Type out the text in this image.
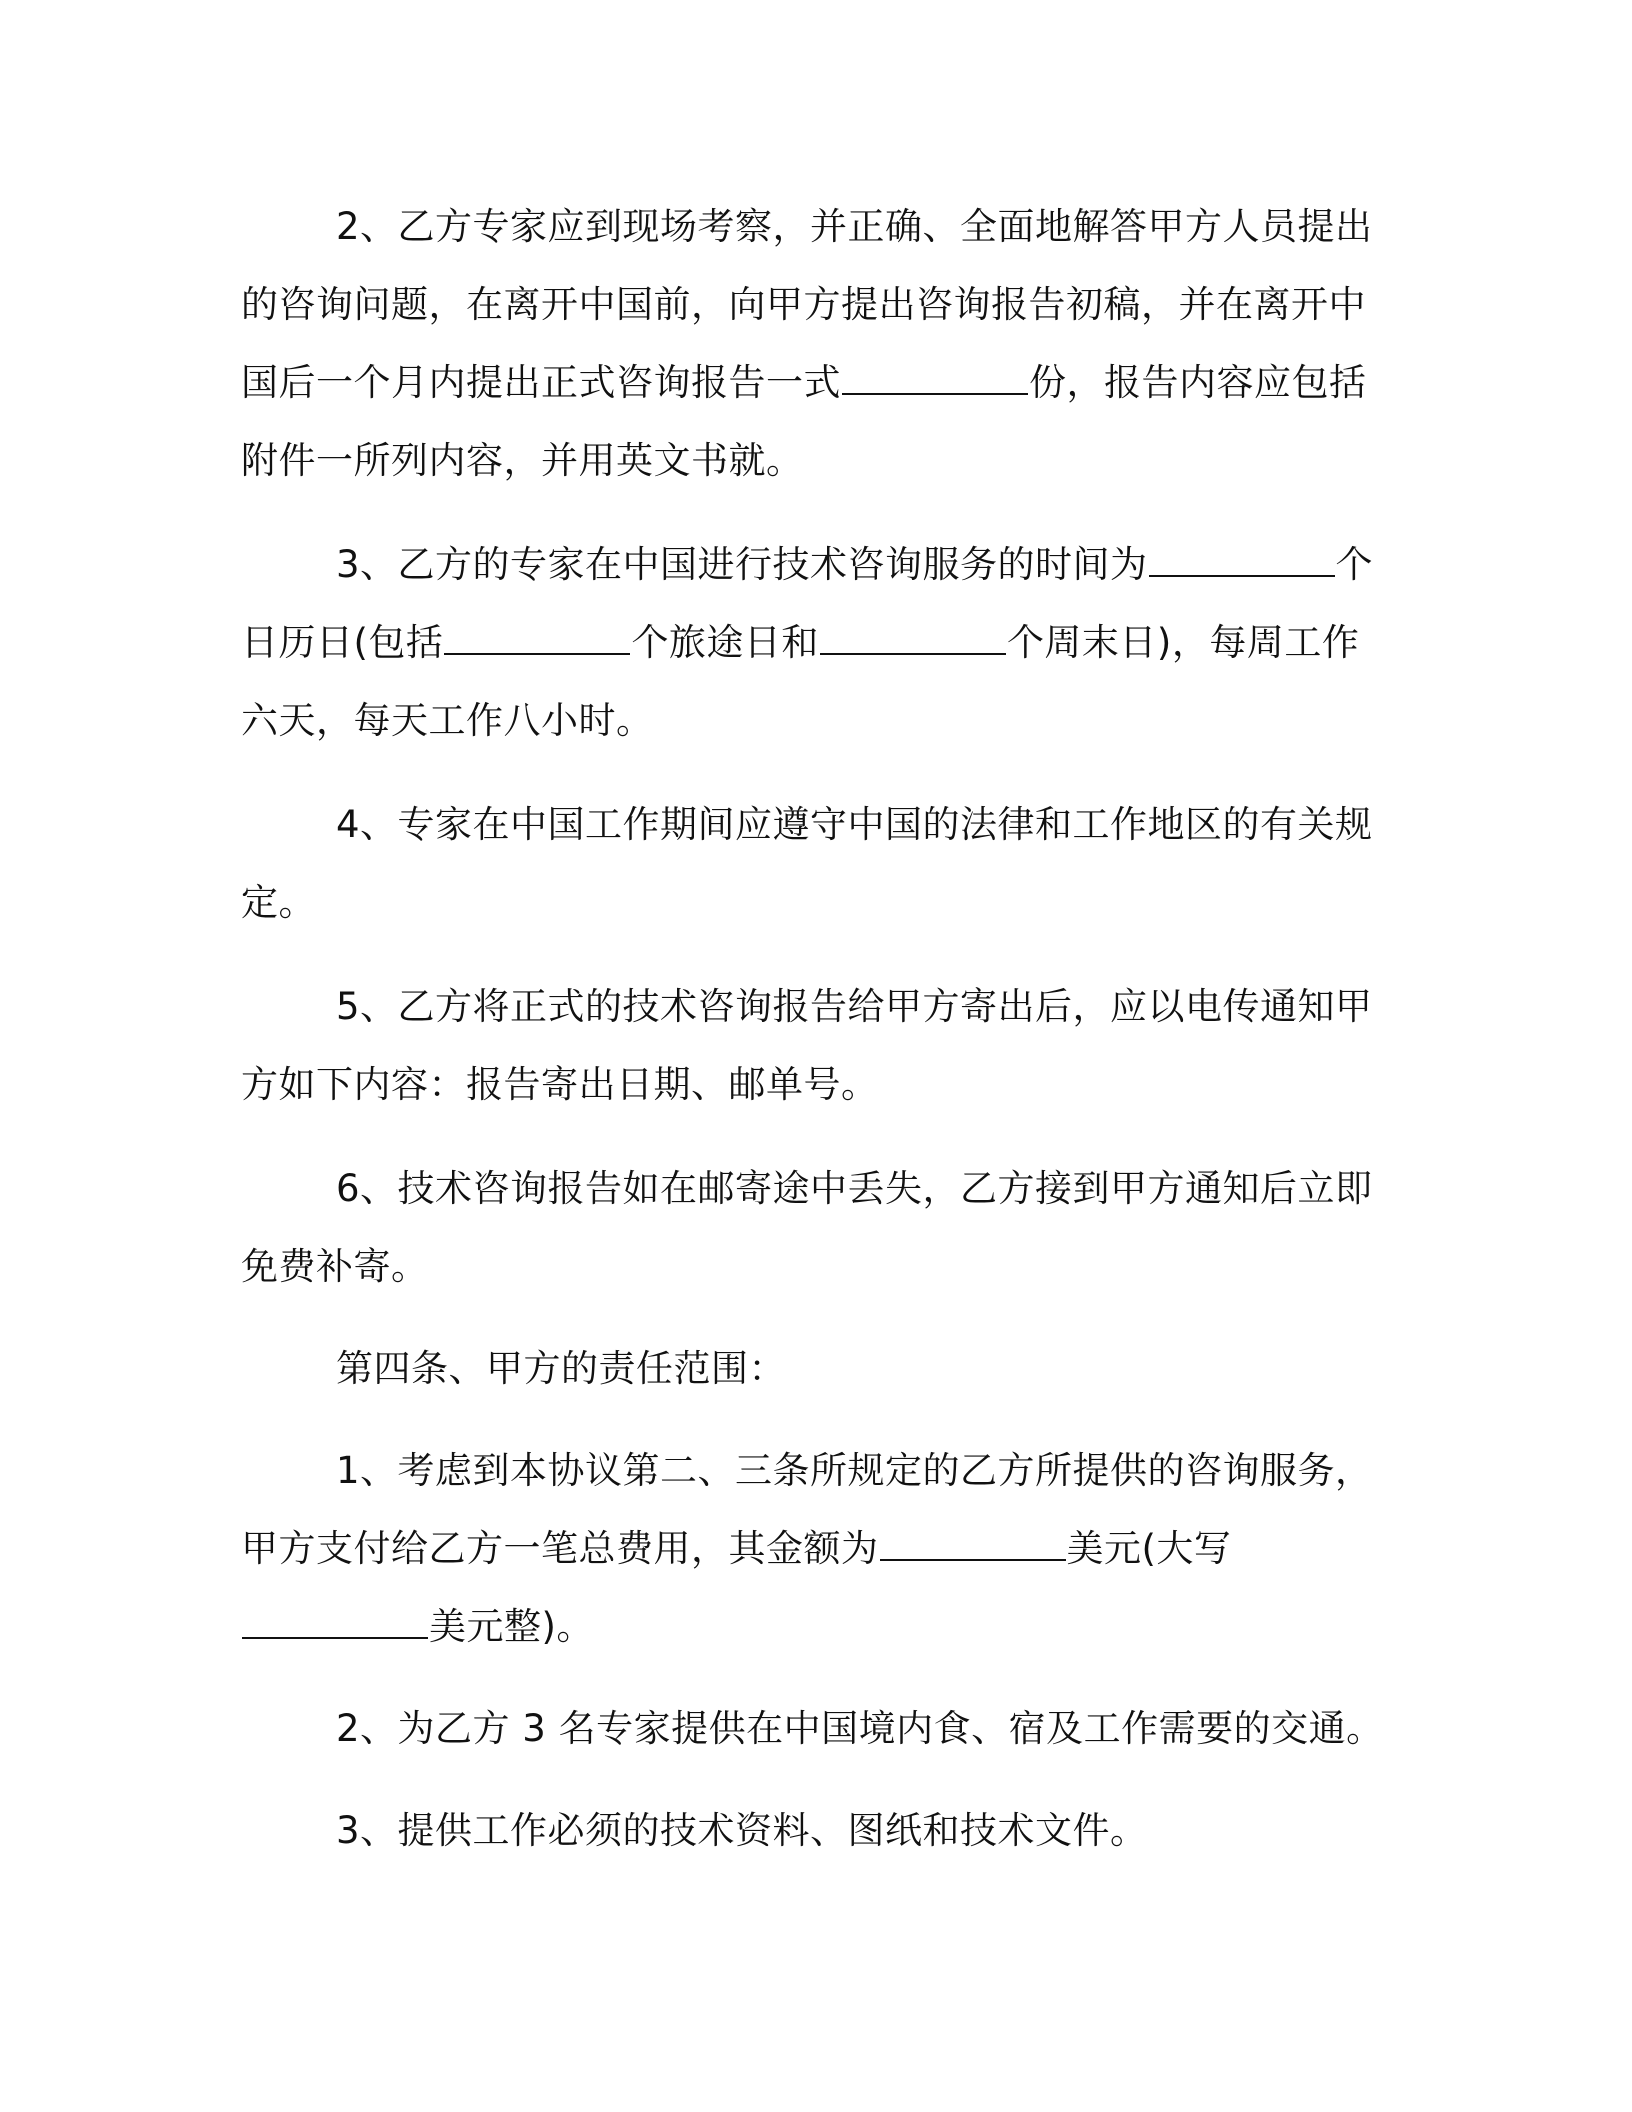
2、乙方专家应到现场考察，并正确、全面地解答甲方人员提出的咨询问题，在离开中国前，向甲方提出咨询报告初稿，并在离开中国后一个月内提出正式咨询报告一式	份，报告内容应包括附件一所列内容，并用英文书就。

3、乙方的专家在中国进行技术咨询服务的时间为	个日历日(包括	个旅途日和	个周末日)，每周工作六天，每天工作八小时。

4、专家在中国工作期间应遵守中国的法律和工作地区的有关规定。

5、乙方将正式的技术咨询报告给甲方寄出后，应以电传通知甲方如下内容：报告寄出日期、邮单号。

6、技术咨询报告如在邮寄途中丢失，乙方接到甲方通知后立即免费补寄。

第四条、甲方的责任范围：

1、考虑到本协议第二、三条所规定的乙方所提供的咨询服务，甲方支付给乙方一笔总费用，其金额为	美元(大写美元整)。

2、为乙方 3 名专家提供在中国境内食、宿及工作需要的交通。

3、提供工作必须的技术资料、图纸和技术文件。
